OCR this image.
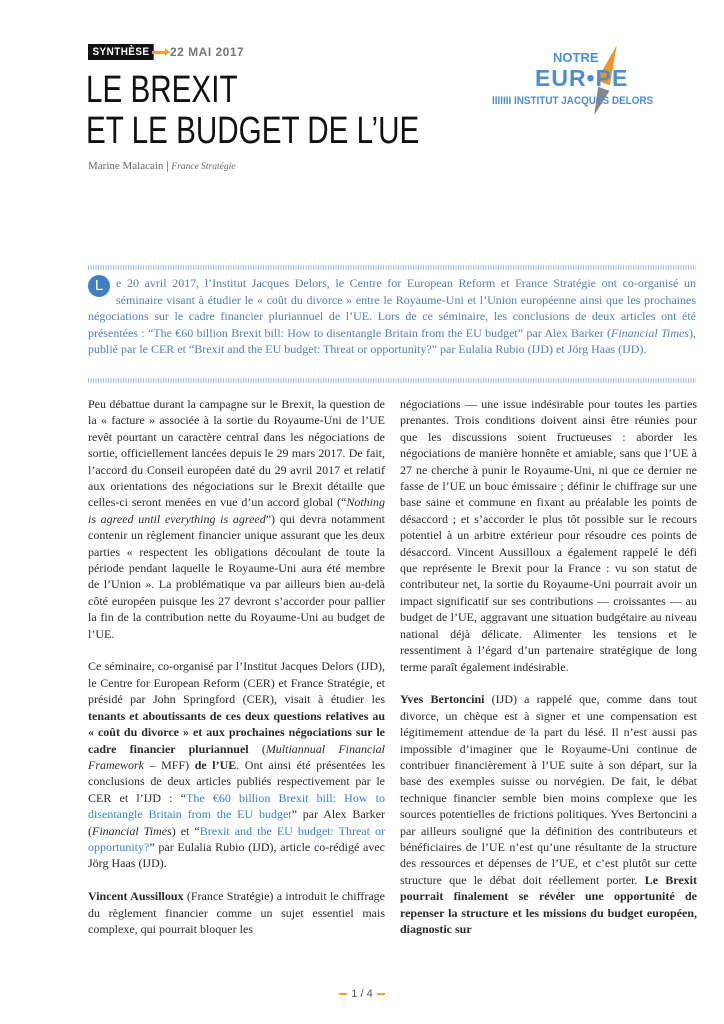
SYNTHÈSE	22 MAI 2017
LE BREXIT
ET LE BUDGET DE L’UE
Marine Malacain | France Stratégie
NOTRE
EUR•PE
IIIIIII INSTITUT JACQUES DELORS
L	e 20 avril 2017, l’Institut Jacques Delors, le Centre for European Reform et France Stratégie ont co-organisé un séminaire visant à étudier le « coût du divorce » entre le Royaume-Uni et l’Union européenne ainsi que les prochaines négociations sur le cadre financier pluriannuel de l’UE. Lors de ce séminaire, les conclusions de deux articles ont été présentées : “The €60 billion Brexit bill: How to disentangle Britain from the EU budget” par Alex Barker (Financial Times), publié par le CER et “Brexit and the EU budget: Threat or opportunity?” par Eulalia Rubio (IJD) et Jörg Haas (IJD).

Peu débattue durant la campagne sur le Brexit, la question de la « facture » associée à la sortie du Royaume-Uni de l’UE revêt pourtant un caractère central dans les négociations de sortie, officiellement lancées depuis le 29 mars 2017. De fait, l’accord du Conseil européen daté du 29 avril 2017 et relatif aux orientations des négociations sur le Brexit détaille que celles-ci seront menées en vue d’un accord global (“Nothing is agreed until everything is agreed”) qui devra notamment contenir un règlement financier unique assurant que les deux parties « respectent les obligations découlant de toute la période pendant laquelle le Royaume-Uni aura été membre de l’Union ». La problématique va par ailleurs bien au-delà côté européen puisque les 27 devront s’accorder pour pallier la fin de la contribution nette du Royaume-Uni au budget de l’UE.

Ce séminaire, co-organisé par l’Institut Jacques Delors (IJD), le Centre for European Reform (CER) et France Stratégie, et présidé par John Springford (CER), visait à étudier les tenants et aboutissants de ces deux questions relatives au « coût du divorce » et aux prochaines négociations sur le cadre financier pluriannuel (Multiannual Financial Framework – MFF) de l’UE. Ont ainsi été présentées les conclusions de deux articles publiés respectivement par le CER et l’IJD : “The €60 billion Brexit bill: How to disentangle Britain from the EU budget” par Alex Barker (Financial Times) et “Brexit and the EU budget: Threat or opportunity?” par Eulalia Rubio (IJD), article co-rédigé avec Jörg Haas (IJD).

Vincent Aussilloux (France Stratégie) a introduit le chiffrage du règlement financier comme un sujet essentiel mais complexe, qui pourrait bloquer les

négociations — une issue indésirable pour toutes les parties prenantes. Trois conditions doivent ainsi être réunies pour que les discussions soient fructueuses : aborder les négociations de manière honnête et amiable, sans que l’UE à 27 ne cherche à punir le Royaume-Uni, ni que ce dernier ne fasse de l’UE un bouc émissaire ; définir le chiffrage sur une base saine et commune en fixant au préalable les points de désaccord ; et s’accorder le plus tôt possible sur le recours potentiel à un arbitre extérieur pour résoudre ces points de désaccord. Vincent Aussilloux a également rappelé le défi que représente le Brexit pour la France : vu son statut de contributeur net, la sortie du Royaume-Uni pourrait avoir un impact significatif sur ses contributions — croissantes — au budget de l’UE, aggravant une situation budgétaire au niveau national déjà délicate. Alimenter les tensions et le ressentiment à l’égard d’un partenaire stratégique de long terme paraît également indésirable.

Yves Bertoncini (IJD) a rappelé que, comme dans tout divorce, un chèque est à signer et une compensation est légitimement attendue de la part du lésé. Il n’est aussi pas impossible d’imaginer que le Royaume-Uni continue de contribuer financièrement à l’UE suite à son départ, sur la base des exemples suisse ou norvégien. De fait, le débat technique financier semble bien moins complexe que les sources potentielles de frictions politiques. Yves Bertoncini a par ailleurs souligné que la définition des contributeurs et bénéficiaires de l’UE n’est qu’une résultante de la structure des ressources et dépenses de l’UE, et c’est plutôt sur cette structure que le débat doit réellement porter. Le Brexit pourrait finalement se révéler une opportunité de repenser la structure et les missions du budget européen, diagnostic sur

1 / 4
